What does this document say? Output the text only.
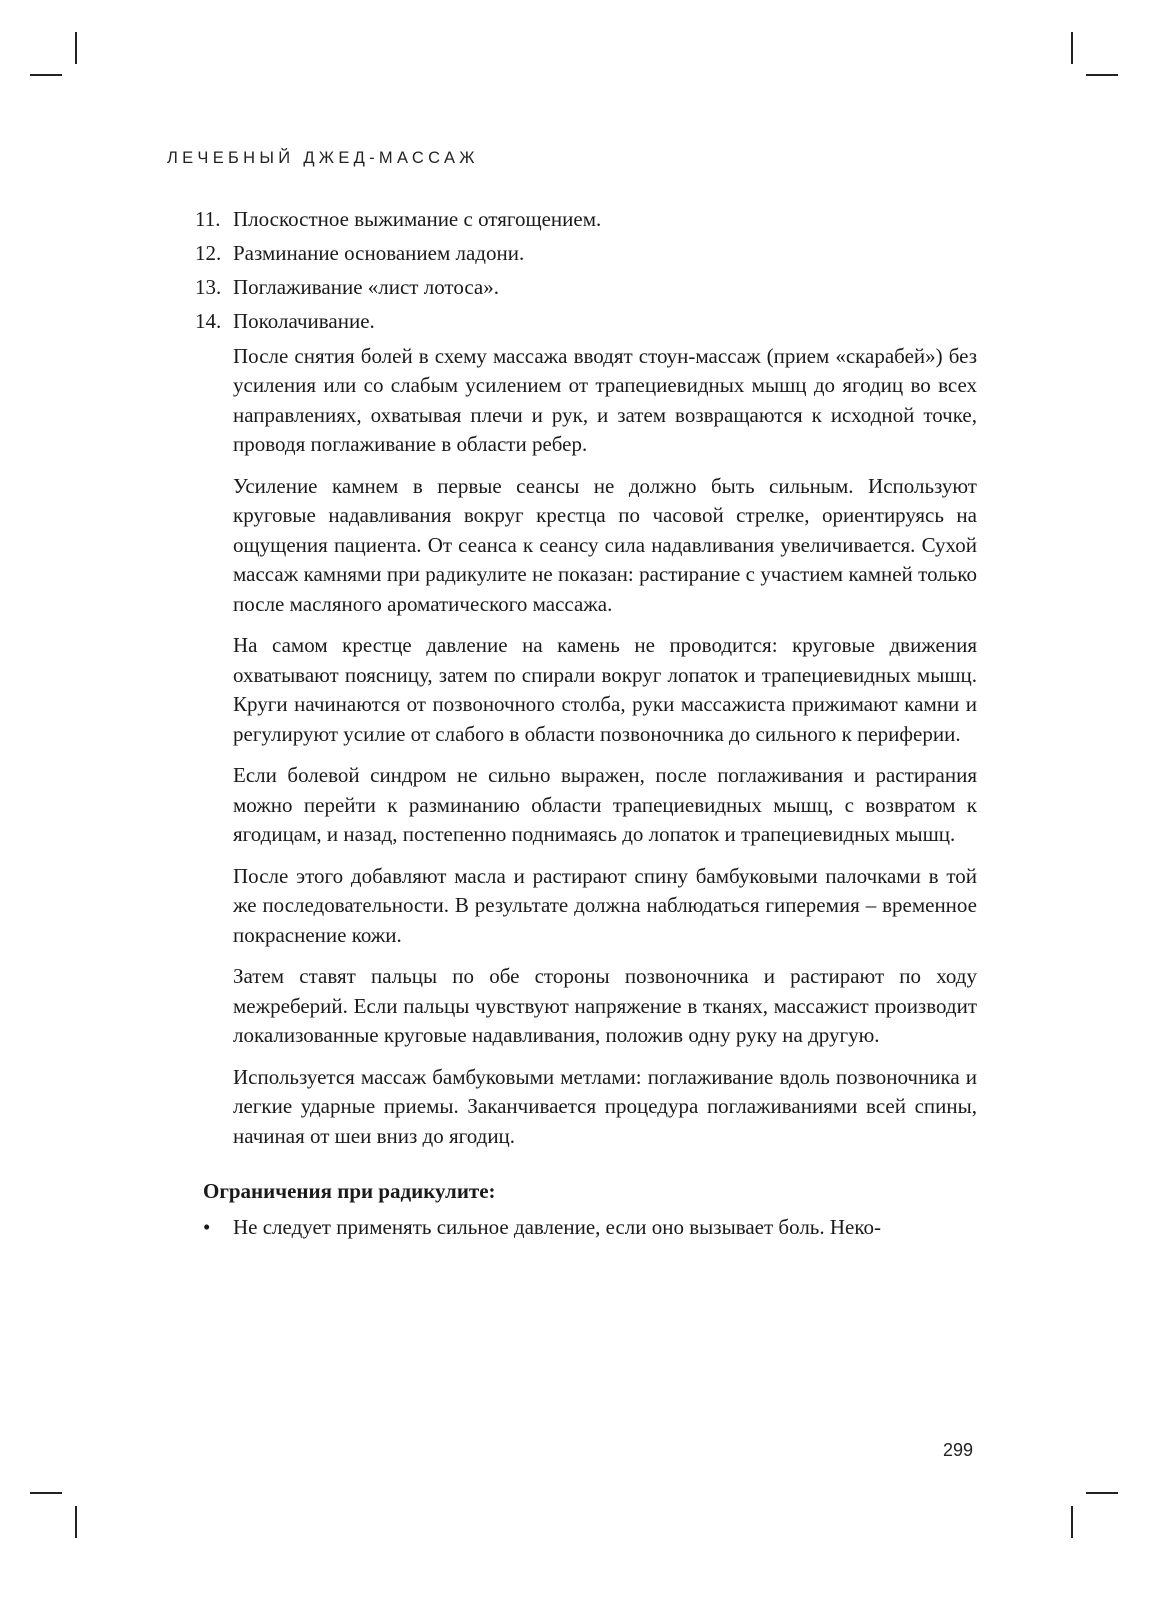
ЛЕЧЕБНЫЙ ДЖЕД-МАССАЖ

11. Плоскостное выжимание с отягощением.
12. Разминание основанием ладони.
13. Поглаживание «лист лотоса».
14. Поколачивание.

После снятия болей в схему массажа вводят стоун-массаж (прием «скарабей») без усиления или со слабым усилением от трапециевидных мышц до ягодиц во всех направлениях, охватывая плечи и рук, и затем возвращаются к исходной точке, проводя поглаживание в области ребер.

Усиление камнем в первые сеансы не должно быть сильным. Используют круговые надавливания вокруг крестца по часовой стрелке, ориентируясь на ощущения пациента. От сеанса к сеансу сила надавливания увеличивается. Сухой массаж камнями при радикулите не показан: растирание с участием камней только после масляного ароматического массажа.

На самом крестце давление на камень не проводится: круговые движения охватывают поясницу, затем по спирали вокруг лопаток и трапециевидных мышц. Круги начинаются от позвоночного столба, руки массажиста прижимают камни и регулируют усилие от слабого в области позвоночника до сильного к периферии.

Если болевой синдром не сильно выражен, после поглаживания и растирания можно перейти к разминанию области трапециевидных мышц, с возвратом к ягодицам, и назад, постепенно поднимаясь до лопаток и трапециевидных мышц.

После этого добавляют масла и растирают спину бамбуковыми палочками в той же последовательности. В результате должна наблюдаться гиперемия – временное покраснение кожи.

Затем ставят пальцы по обе стороны позвоночника и растирают по ходу межреберий. Если пальцы чувствуют напряжение в тканях, массажист производит локализованные круговые надавливания, положив одну руку на другую.

Используется массаж бамбуковыми метлами: поглаживание вдоль позвоночника и легкие ударные приемы. Заканчивается процедура поглаживаниями всей спины, начиная от шеи вниз до ягодиц.

Ограничения при радикулите:
•	Не следует применять сильное давление, если оно вызывает боль. Неко-
299
